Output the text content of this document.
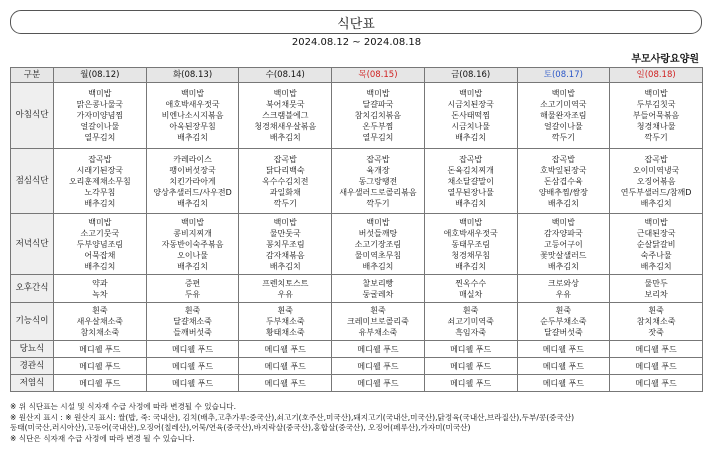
식단표
2024.08.12 ~ 2024.08.18
부모사랑요양원
구분	월(08.12)	화(08.13)	수(08.14)	목(08.15)	금(08.16)	토(08.17)	일(08.18)
아침식단	백미밥
맑은콩나물국
가자미양념찜
얼갈이나물
열무김치	백미밥
애호박새우젓국
비엔나소시지볶음
아욱된장무침
배추김치	백미밥
북어채뭇국
스크램블에그
청경채새우살볶음
배추김치	백미밥
달걀파국
참치김치볶음
온두부찜
열무김치	백미밥
시금치된장국
돈사태떡찜
시금치나물
배추김치	백미밥
소고기미역국
해물완자조림
얼갈이나물
깍두기	백미밥
두부김칫국
부들어묵볶음
청경채나물
깍두기

점심식단	잡곡밥
시래기된장국
오리훈제채소무침
노각무침
배추김치	카레라이스
팽이버섯장국
치킨가라아게
양상추샐러드/사우전D
배추김치	잡곡밥
닭다리백숙
옥수수김치전
과일화채
깍두기	잡곡밥
육개장
동그랑땡전
새우샐러드로콜리볶음
깍두기	잡곡밥
돈육김치찌개
채소달걀말이
열무된장나물
배추김치	잡곡밥
호박잎된장국
돈삼겹수육
양배추찜/쌈장
배추김치	잡곡밥
오이미역냉국
오징어볶음
연두부샐러드/참깨D
배추김치

저녁식단	백미밥
소고기뭇국
두부양념조림
어묵잡채
배추김치	백미밥
콩비지찌개
자동반이숙주볶음
오이나물
배추김치	백미밥
물만둣국
꽁치무조림
감자채볶음
배추김치	백미밥
버섯들깨탕
소고기장조림
물미역초무침
배추김치	백미밥
애호박새우젓국
동태무조림
청경채무침
배추김치	백미밥
감자양파국
고등어구이
꽃맛살샐러드
배추김치	백미밥
근대된장국
순살닭갈비
숙주나물
배추김치

오후간식	약과
녹차	증편
두유	프렌치토스트
우유	찰보리빵
둥굴레차	찐옥수수
매실차	크로와상
우유	물만두
보리차

기능식이	흰죽
새우살채소죽
참치채소죽	흰죽
달걀채소죽
들깨버섯죽	흰죽
두부채소죽
황태채소죽	흰죽
크레미브로콜리죽
유부채소죽	흰죽
쇠고기미역죽
흑임자죽	흰죽
순두부채소죽
달걀버섯죽	흰죽
참치채소죽
잣죽

당뇨식	메디웰 푸드	메디웰 푸드	메디웰 푸드	메디웰 푸드	메디웰 푸드	메디웰 푸드	메디웰 푸드

경관식	메디웰 푸드	메디웰 푸드	메디웰 푸드	메디웰 푸드	메디웰 푸드	메디웰 푸드	메디웰 푸드

저염식	메디웰 푸드	메디웰 푸드	메디웰 푸드	메디웰 푸드	메디웰 푸드	메디웰 푸드	메디웰 푸드
※ 위 식단표는 시설 및 식자재 수급 사정에 따라 변경될 수 있습니다.
※ 원산지 표시 : ※ 원산지 표시: 쌀(밥, 죽: 국내산), 김치(배추,고추가루:중국산),쇠고기(호주산,미국산),돼지고기(국내산,미국산),닭정육(국내산,브라질산),두부/콩(중국산)
동태(미국산,러시아산),고등어(국내산),오징어(칠레산),어묵/연육(중국산),바지락살(중국산),홍합살(중국산), 오징어(페루산),가자미(미국산)
※ 식단은 식자재 수급 사정에 따라 변경 될 수 있습니다.
